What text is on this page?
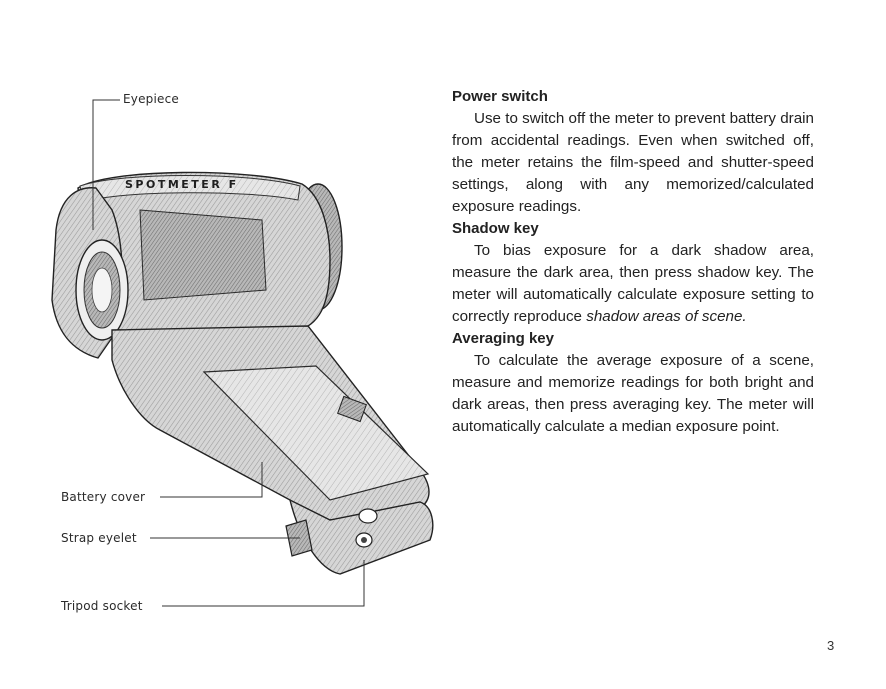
SPOTMETER F
Eyepiece
Battery cover
Strap eyelet
Tripod socket

Power switch

Use to switch off the meter to prevent battery drain from accidental readings. Even when switched off, the meter retains the film-speed and shutter-speed settings, along with any memorized/calculated exposure readings.

Shadow key

To bias exposure for a dark shadow area, measure the dark area, then press shadow key. The meter will automatically calculate exposure setting to correctly reproduce shadow areas of scene.

Averaging key

To calculate the average exposure of a scene, measure and memorize readings for both bright and dark areas, then press averaging key. The meter will automatically calculate a median exposure point.

3
